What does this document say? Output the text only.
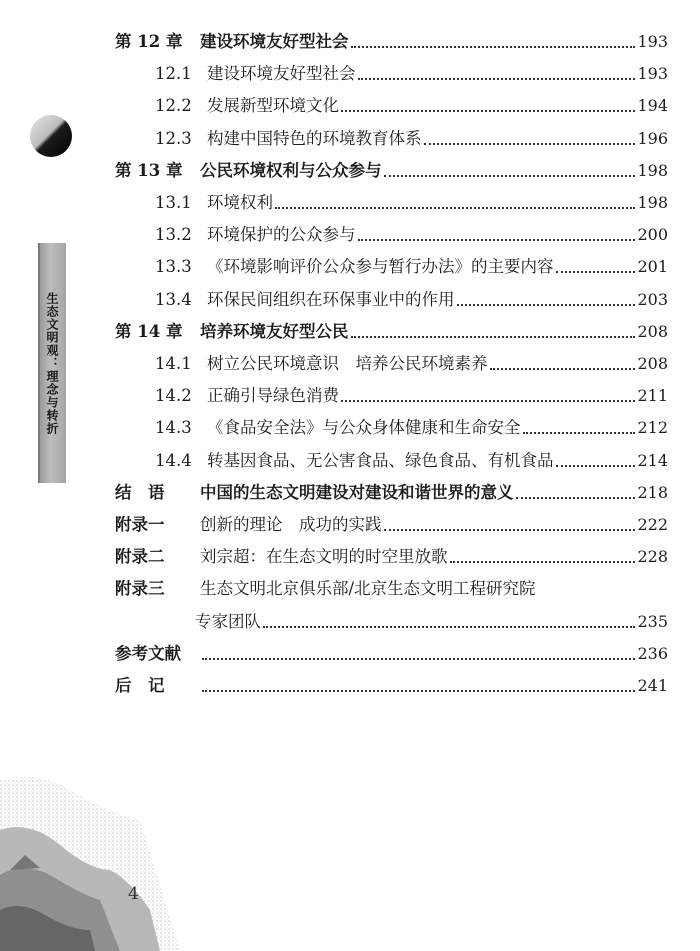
生态文明观：理念与转折
第 12 章	建设环境友好型社会	193
12.1 建设环境友好型社会	193
12.2 发展新型环境文化	194
12.3 构建中国特色的环境教育体系	196
第 13 章	公民环境权利与公众参与	198
13.1 环境权利	198
13.2 环境保护的公众参与	200
13.3 《环境影响评价公众参与暂行办法》的主要内容	201
13.4 环保民间组织在环保事业中的作用	203
第 14 章	培养环境友好型公民	208
14.1 树立公民环境意识　培养公民环境素养	208
14.2 正确引导绿色消费	211
14.3 《食品安全法》与公众身体健康和生命安全	212
14.4 转基因食品、无公害食品、绿色食品、有机食品	214
结　语	中国的生态文明建设对建设和谐世界的意义	218
附录一	创新的理论　成功的实践	222
附录二	刘宗超：在生态文明的时空里放歌	228
附录三	生态文明北京俱乐部/北京生态文明工程研究院
专家团队	235
参考文献	236
后　记	241
4
